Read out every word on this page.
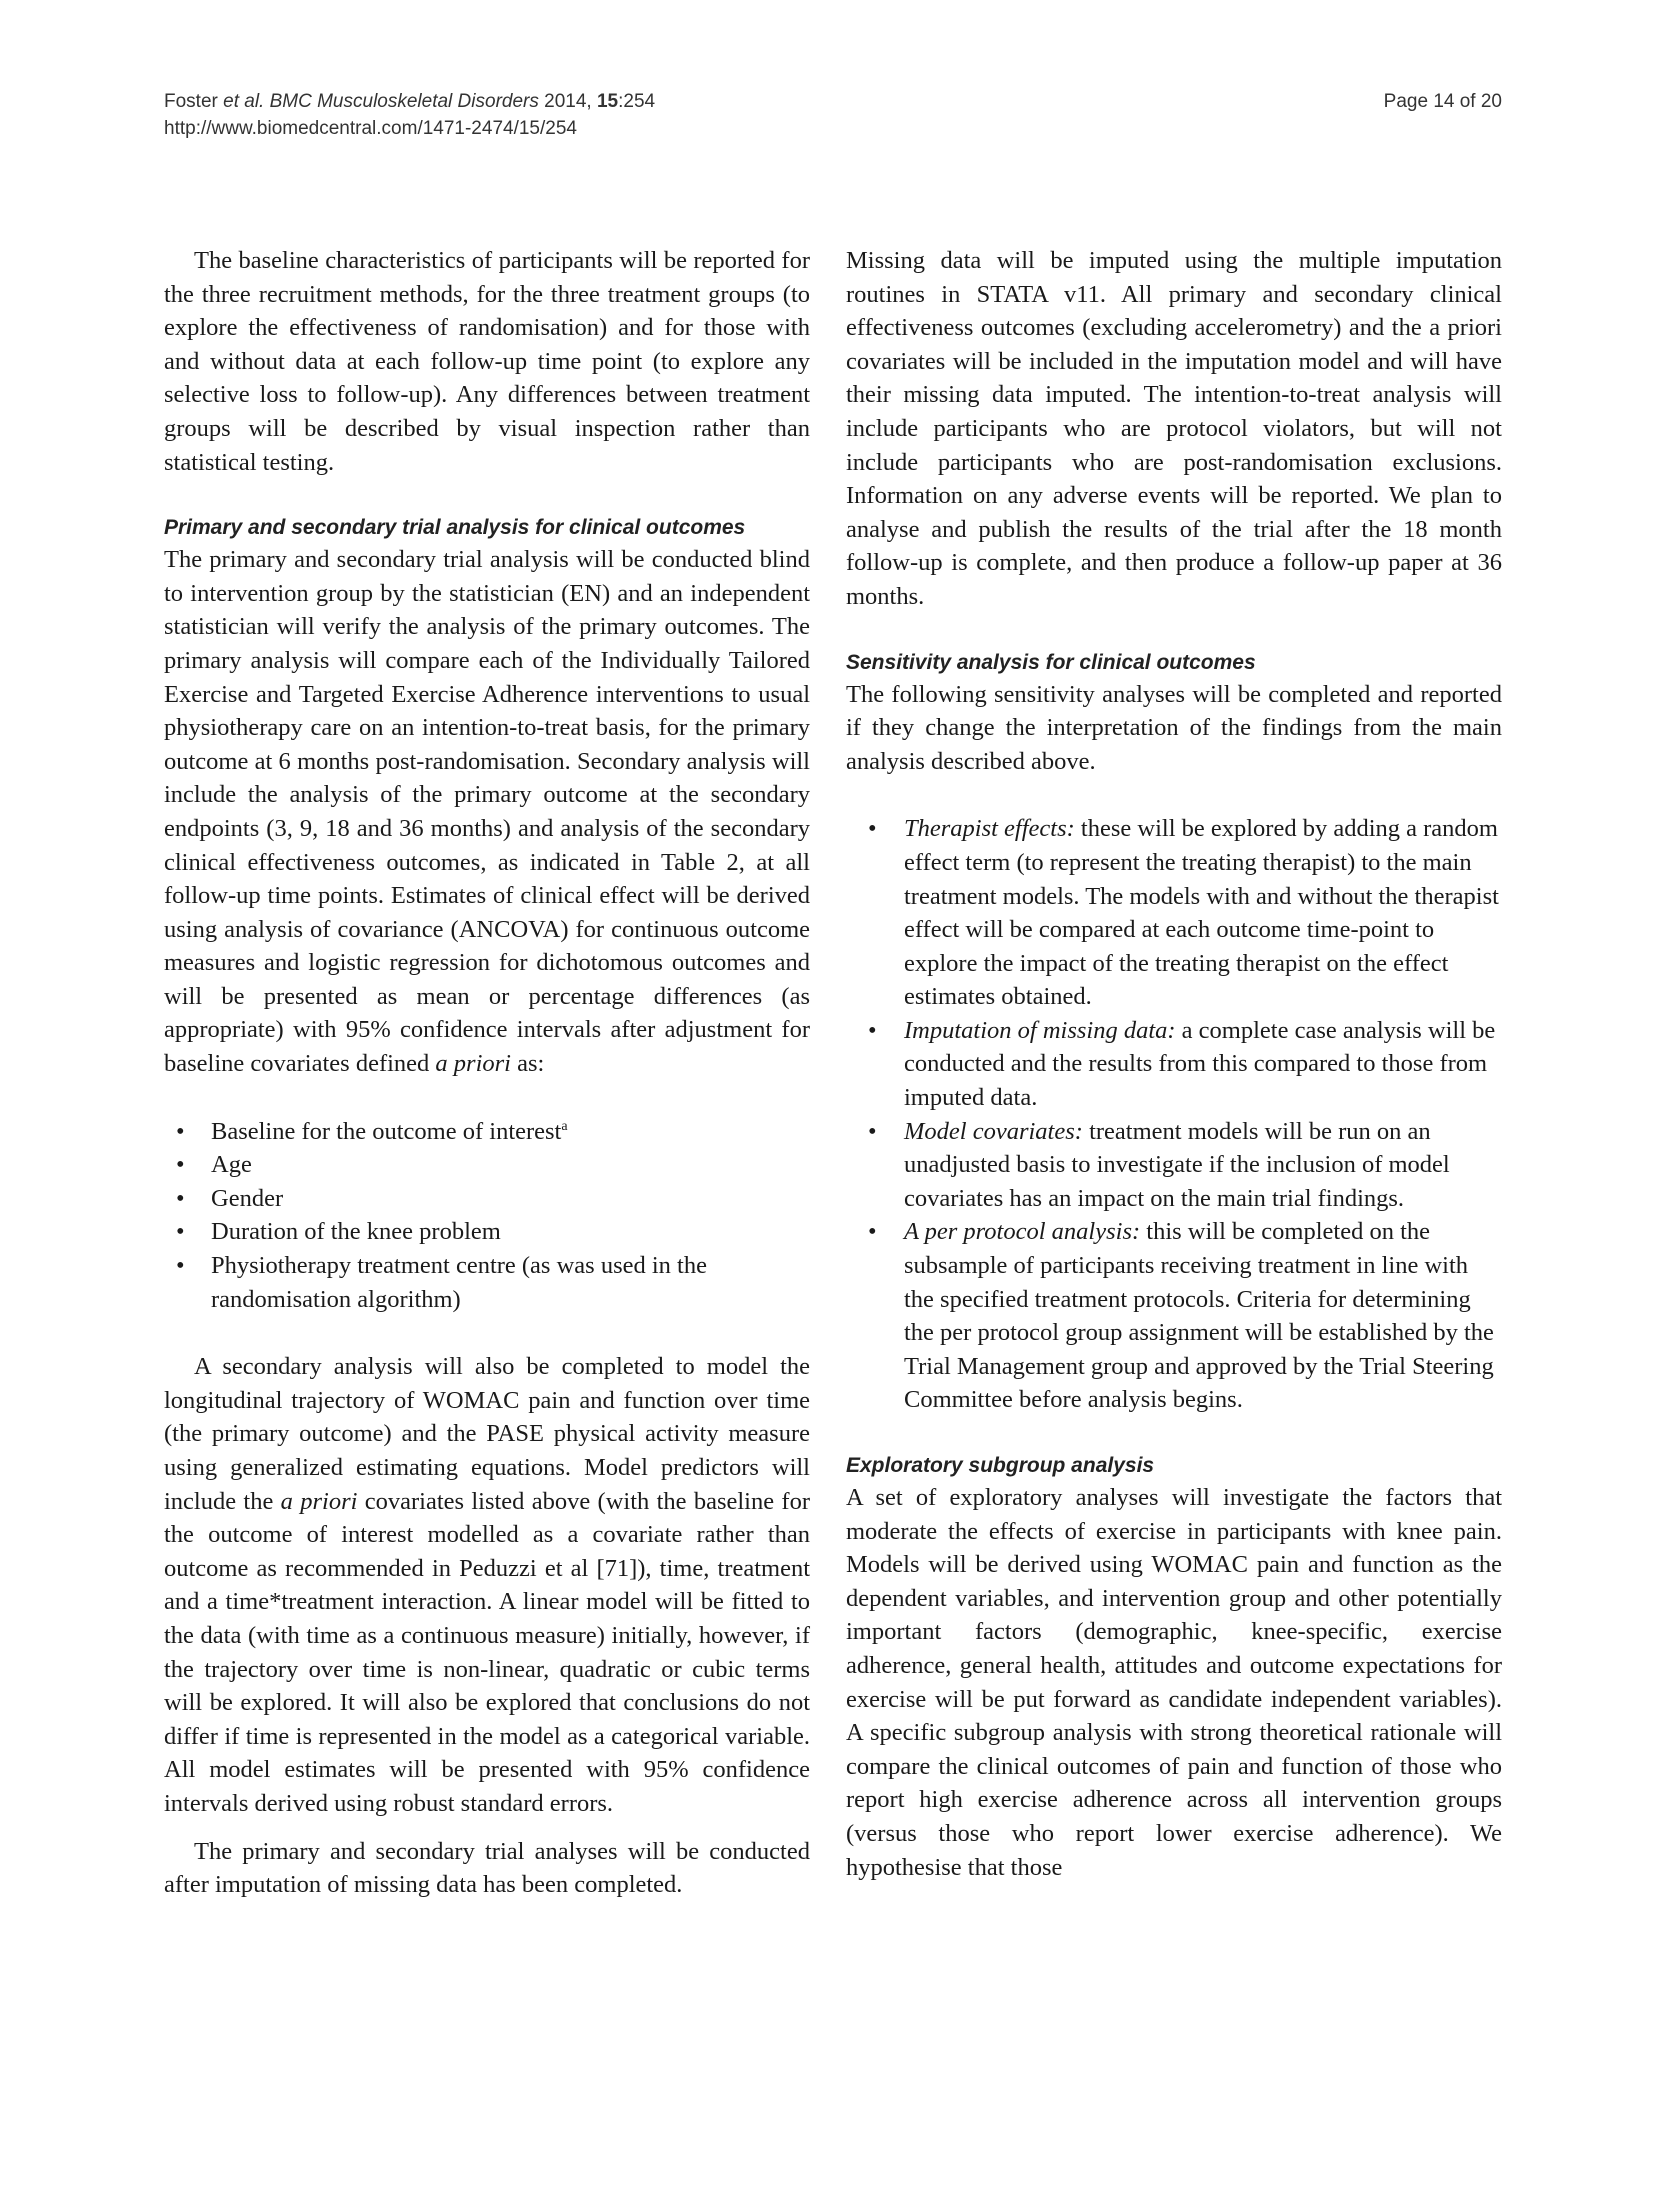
Foster et al. BMC Musculoskeletal Disorders 2014, 15:254
http://www.biomedcentral.com/1471-2474/15/254
Page 14 of 20

The baseline characteristics of participants will be reported for the three recruitment methods, for the three treatment groups (to explore the effectiveness of randomisation) and for those with and without data at each follow-up time point (to explore any selective loss to follow-up). Any differences between treatment groups will be described by visual inspection rather than statistical testing.

Primary and secondary trial analysis for clinical outcomes

The primary and secondary trial analysis will be conducted blind to intervention group by the statistician (EN) and an independent statistician will verify the analysis of the primary outcomes. The primary analysis will compare each of the Individually Tailored Exercise and Targeted Exercise Adherence interventions to usual physiotherapy care on an intention-to-treat basis, for the primary outcome at 6 months post-randomisation. Secondary analysis will include the analysis of the primary outcome at the secondary endpoints (3, 9, 18 and 36 months) and analysis of the secondary clinical effectiveness outcomes, as indicated in Table 2, at all follow-up time points. Estimates of clinical effect will be derived using analysis of covariance (ANCOVA) for continuous outcome measures and logistic regression for dichotomous outcomes and will be presented as mean or percentage differences (as appropriate) with 95% confidence intervals after adjustment for baseline covariates defined a priori as:

• Baseline for the outcome of interest$^a$
• Age
• Gender
• Duration of the knee problem
• Physiotherapy treatment centre (as was used in the randomisation algorithm)

A secondary analysis will also be completed to model the longitudinal trajectory of WOMAC pain and function over time (the primary outcome) and the PASE physical activity measure using generalized estimating equations. Model predictors will include the a priori covariates listed above (with the baseline for the outcome of interest modelled as a covariate rather than outcome as recommended in Peduzzi et al [71]), time, treatment and a time*treatment interaction. A linear model will be fitted to the data (with time as a continuous measure) initially, however, if the trajectory over time is non-linear, quadratic or cubic terms will be explored. It will also be explored that conclusions do not differ if time is represented in the model as a categorical variable. All model estimates will be presented with 95% confidence intervals derived using robust standard errors.

The primary and secondary trial analyses will be conducted after imputation of missing data has been completed.

Missing data will be imputed using the multiple imputation routines in STATA v11. All primary and secondary clinical effectiveness outcomes (excluding accelerometry) and the a priori covariates will be included in the imputation model and will have their missing data imputed. The intention-to-treat analysis will include participants who are protocol violators, but will not include participants who are post-randomisation exclusions. Information on any adverse events will be reported. We plan to analyse and publish the results of the trial after the 18 month follow-up is complete, and then produce a follow-up paper at 36 months.

Sensitivity analysis for clinical outcomes

The following sensitivity analyses will be completed and reported if they change the interpretation of the findings from the main analysis described above.

• Therapist effects: these will be explored by adding a random effect term (to represent the treating therapist) to the main treatment models. The models with and without the therapist effect will be compared at each outcome time-point to explore the impact of the treating therapist on the effect estimates obtained.
• Imputation of missing data: a complete case analysis will be conducted and the results from this compared to those from imputed data.
• Model covariates: treatment models will be run on an unadjusted basis to investigate if the inclusion of model covariates has an impact on the main trial findings.
• A per protocol analysis: this will be completed on the subsample of participants receiving treatment in line with the specified treatment protocols. Criteria for determining the per protocol group assignment will be established by the Trial Management group and approved by the Trial Steering Committee before analysis begins.
Exploratory subgroup analysis

A set of exploratory analyses will investigate the factors that moderate the effects of exercise in participants with knee pain. Models will be derived using WOMAC pain and function as the dependent variables, and intervention group and other potentially important factors (demographic, knee-specific, exercise adherence, general health, attitudes and outcome expectations for exercise will be put forward as candidate independent variables). A specific subgroup analysis with strong theoretical rationale will compare the clinical outcomes of pain and function of those who report high exercise adherence across all intervention groups (versus those who report lower exercise adherence). We hypothesise that those
